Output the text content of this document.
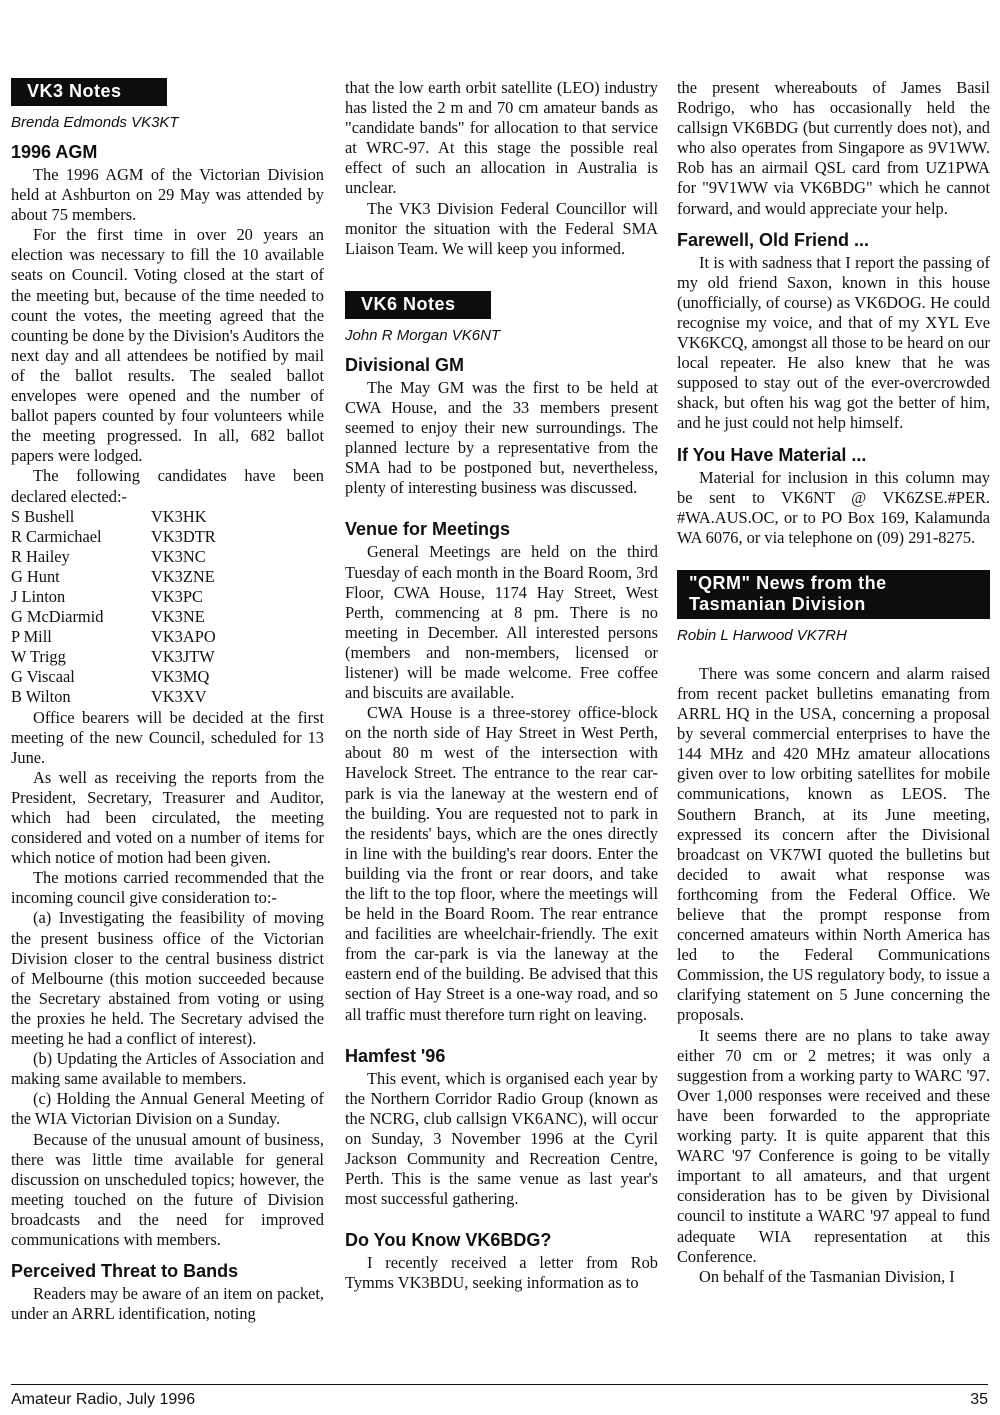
VK3 Notes
Brenda Edmonds VK3KT
1996 AGM

The 1996 AGM of the Victorian Division held at Ashburton on 29 May was attended by about 75 members.

For the first time in over 20 years an election was necessary to fill the 10 available seats on Council. Voting closed at the start of the meeting but, because of the time needed to count the votes, the meeting agreed that the counting be done by the Division's Auditors the next day and all attendees be notified by mail of the ballot results. The sealed ballot envelopes were opened and the number of ballot papers counted by four volunteers while the meeting progressed. In all, 682 ballot papers were lodged.

The following candidates have been declared elected:-

S Bushell	VK3HK
R Carmichael	VK3DTR
R Hailey	VK3NC
G Hunt	VK3ZNE
J Linton	VK3PC
G McDiarmid	VK3NE
P Mill	VK3APO
W Trigg	VK3JTW
G Viscaal	VK3MQ
B Wilton	VK3XV

Office bearers will be decided at the first meeting of the new Council, scheduled for 13 June.

As well as receiving the reports from the President, Secretary, Treasurer and Auditor, which had been circulated, the meeting considered and voted on a number of items for which notice of motion had been given.

The motions carried recommended that the incoming council give consideration to:-

(a) Investigating the feasibility of moving the present business office of the Victorian Division closer to the central business district of Melbourne (this motion succeeded because the Secretary abstained from voting or using the proxies he held. The Secretary advised the meeting he had a conflict of interest).

(b) Updating the Articles of Association and making same available to members.

(c) Holding the Annual General Meeting of the WIA Victorian Division on a Sunday.

Because of the unusual amount of business, there was little time available for general discussion on unscheduled topics; however, the meeting touched on the future of Division broadcasts and the need for improved communications with members.

Perceived Threat to Bands

Readers may be aware of an item on packet, under an ARRL identification, noting

that the low earth orbit satellite (LEO) industry has listed the 2 m and 70 cm amateur bands as "candidate bands" for allocation to that service at WRC-97. At this stage the possible real effect of such an allocation in Australia is unclear.

The VK3 Division Federal Councillor will monitor the situation with the Federal SMA Liaison Team. We will keep you informed.

VK6 Notes
John R Morgan VK6NT
Divisional GM

The May GM was the first to be held at CWA House, and the 33 members present seemed to enjoy their new surroundings. The planned lecture by a representative from the SMA had to be postponed but, nevertheless, plenty of interesting business was discussed.

Venue for Meetings

General Meetings are held on the third Tuesday of each month in the Board Room, 3rd Floor, CWA House, 1174 Hay Street, West Perth, commencing at 8 pm. There is no meeting in December. All interested persons (members and non-members, licensed or listener) will be made welcome. Free coffee and biscuits are available.

CWA House is a three-storey office-block on the north side of Hay Street in West Perth, about 80 m west of the intersection with Havelock Street. The entrance to the rear car-park is via the laneway at the western end of the building. You are requested not to park in the residents' bays, which are the ones directly in line with the building's rear doors. Enter the building via the front or rear doors, and take the lift to the top floor, where the meetings will be held in the Board Room. The rear entrance and facilities are wheelchair-friendly. The exit from the car-park is via the laneway at the eastern end of the building. Be advised that this section of Hay Street is a one-way road, and so all traffic must therefore turn right on leaving.

Hamfest '96

This event, which is organised each year by the Northern Corridor Radio Group (known as the NCRG, club callsign VK6ANC), will occur on Sunday, 3 November 1996 at the Cyril Jackson Community and Recreation Centre, Perth. This is the same venue as last year's most successful gathering.

Do You Know VK6BDG?

I recently received a letter from Rob Tymms VK3BDU, seeking information as to

the present whereabouts of James Basil Rodrigo, who has occasionally held the callsign VK6BDG (but currently does not), and who also operates from Singapore as 9V1WW. Rob has an airmail QSL card from UZ1PWA for "9V1WW via VK6BDG" which he cannot forward, and would appreciate your help.

Farewell, Old Friend ...

It is with sadness that I report the passing of my old friend Saxon, known in this house (unofficially, of course) as VK6DOG. He could recognise my voice, and that of my XYL Eve VK6KCQ, amongst all those to be heard on our local repeater. He also knew that he was supposed to stay out of the ever-overcrowded shack, but often his wag got the better of him, and he just could not help himself.

If You Have Material ...

Material for inclusion in this column may be sent to VK6NT @ VK6ZSE.#PER. #WA.AUS.OC, or to PO Box 169, Kalamunda WA 6076, or via telephone on (09) 291-8275.

"QRM" News from the
Tasmanian Division
Robin L Harwood VK7RH

There was some concern and alarm raised from recent packet bulletins emanating from ARRL HQ in the USA, concerning a proposal by several commercial enterprises to have the 144 MHz and 420 MHz amateur allocations given over to low orbiting satellites for mobile communications, known as LEOS. The Southern Branch, at its June meeting, expressed its concern after the Divisional broadcast on VK7WI quoted the bulletins but decided to await what response was forthcoming from the Federal Office. We believe that the prompt response from concerned amateurs within North America has led to the Federal Communications Commission, the US regulatory body, to issue a clarifying statement on 5 June concerning the proposals.

It seems there are no plans to take away either 70 cm or 2 metres; it was only a suggestion from a working party to WARC '97. Over 1,000 responses were received and these have been forwarded to the appropriate working party. It is quite apparent that this WARC '97 Conference is going to be vitally important to all amateurs, and that urgent consideration has to be given by Divisional council to institute a WARC '97 appeal to fund adequate WIA representation at this Conference.

On behalf of the Tasmanian Division, I

Amateur Radio, July 1996	35
